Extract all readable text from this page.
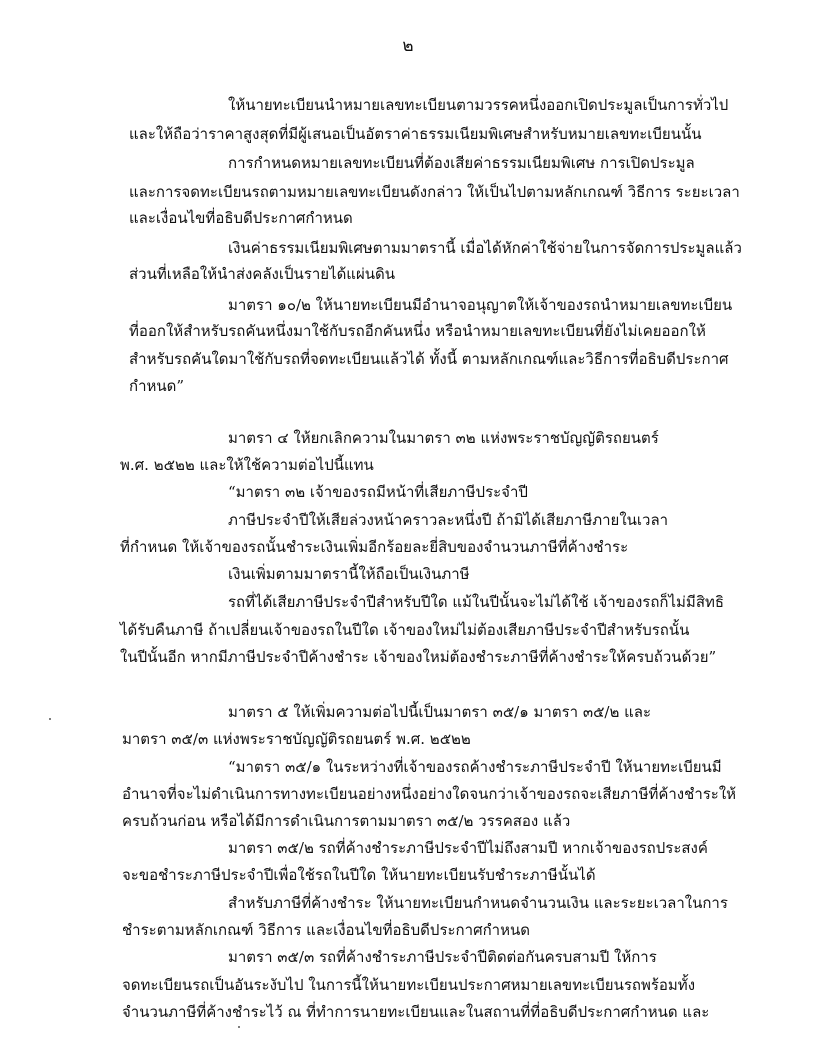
๒
ให้นายทะเบียนนำหมายเลขทะเบียนตามวรรคหนึ่งออกเปิดประมูลเป็นการทั่วไป
และให้ถือว่าราคาสูงสุดที่มีผู้เสนอเป็นอัตราค่าธรรมเนียมพิเศษสำหรับหมายเลขทะเบียนนั้น
การกำหนดหมายเลขทะเบียนที่ต้องเสียค่าธรรมเนียมพิเศษ การเปิดประมูล
และการจดทะเบียนรถตามหมายเลขทะเบียนดังกล่าว ให้เป็นไปตามหลักเกณฑ์ วิธีการ ระยะเวลา
และเงื่อนไขที่อธิบดีประกาศกำหนด
เงินค่าธรรมเนียมพิเศษตามมาตรานี้ เมื่อได้หักค่าใช้จ่ายในการจัดการประมูลแล้ว
ส่วนที่เหลือให้นำส่งคลังเป็นรายได้แผ่นดิน
มาตรา ๑๐/๒ ให้นายทะเบียนมีอำนาจอนุญาตให้เจ้าของรถนำหมายเลขทะเบียน
ที่ออกให้สำหรับรถคันหนึ่งมาใช้กับรถอีกคันหนึ่ง หรือนำหมายเลขทะเบียนที่ยังไม่เคยออกให้
สำหรับรถคันใดมาใช้กับรถที่จดทะเบียนแล้วได้ ทั้งนี้ ตามหลักเกณฑ์และวิธีการที่อธิบดีประกาศ
กำหนด”
มาตรา ๔ ให้ยกเลิกความในมาตรา ๓๒ แห่งพระราชบัญญัติรถยนตร์
พ.ศ. ๒๕๒๒ และให้ใช้ความต่อไปนี้แทน
“มาตรา ๓๒ เจ้าของรถมีหน้าที่เสียภาษีประจำปี
ภาษีประจำปีให้เสียล่วงหน้าคราวละหนึ่งปี ถ้ามิได้เสียภาษีภายในเวลา
ที่กำหนด ให้เจ้าของรถนั้นชำระเงินเพิ่มอีกร้อยละยี่สิบของจำนวนภาษีที่ค้างชำระ
เงินเพิ่มตามมาตรานี้ให้ถือเป็นเงินภาษี
รถที่ได้เสียภาษีประจำปีสำหรับปีใด แม้ในปีนั้นจะไม่ได้ใช้ เจ้าของรถก็ไม่มีสิทธิ
ได้รับคืนภาษี ถ้าเปลี่ยนเจ้าของรถในปีใด เจ้าของใหม่ไม่ต้องเสียภาษีประจำปีสำหรับรถนั้น
ในปีนั้นอีก หากมีภาษีประจำปีค้างชำระ เจ้าของใหม่ต้องชำระภาษีที่ค้างชำระให้ครบถ้วนด้วย”
มาตรา ๕ ให้เพิ่มความต่อไปนี้เป็นมาตรา ๓๕/๑ มาตรา ๓๕/๒ และ
มาตรา ๓๕/๓ แห่งพระราชบัญญัติรถยนตร์ พ.ศ. ๒๕๒๒
“มาตรา ๓๕/๑ ในระหว่างที่เจ้าของรถค้างชำระภาษีประจำปี ให้นายทะเบียนมี
อำนาจที่จะไม่ดำเนินการทางทะเบียนอย่างหนึ่งอย่างใดจนกว่าเจ้าของรถจะเสียภาษีที่ค้างชำระให้
ครบถ้วนก่อน หรือได้มีการดำเนินการตามมาตรา ๓๕/๒ วรรคสอง แล้ว
มาตรา ๓๕/๒ รถที่ค้างชำระภาษีประจำปีไม่ถึงสามปี หากเจ้าของรถประสงค์
จะขอชำระภาษีประจำปีเพื่อใช้รถในปีใด ให้นายทะเบียนรับชำระภาษีนั้นได้
สำหรับภาษีที่ค้างชำระ ให้นายทะเบียนกำหนดจำนวนเงิน และระยะเวลาในการ
ชำระตามหลักเกณฑ์ วิธีการ และเงื่อนไขที่อธิบดีประกาศกำหนด
มาตรา ๓๕/๓ รถที่ค้างชำระภาษีประจำปีติดต่อกันครบสามปี ให้การ
จดทะเบียนรถเป็นอันระงับไป ในการนี้ให้นายทะเบียนประกาศหมายเลขทะเบียนรถพร้อมทั้ง
จำนวนภาษีที่ค้างชำระไว้ ณ ที่ทำการนายทะเบียนและในสถานที่ที่อธิบดีประกาศกำหนด และ
